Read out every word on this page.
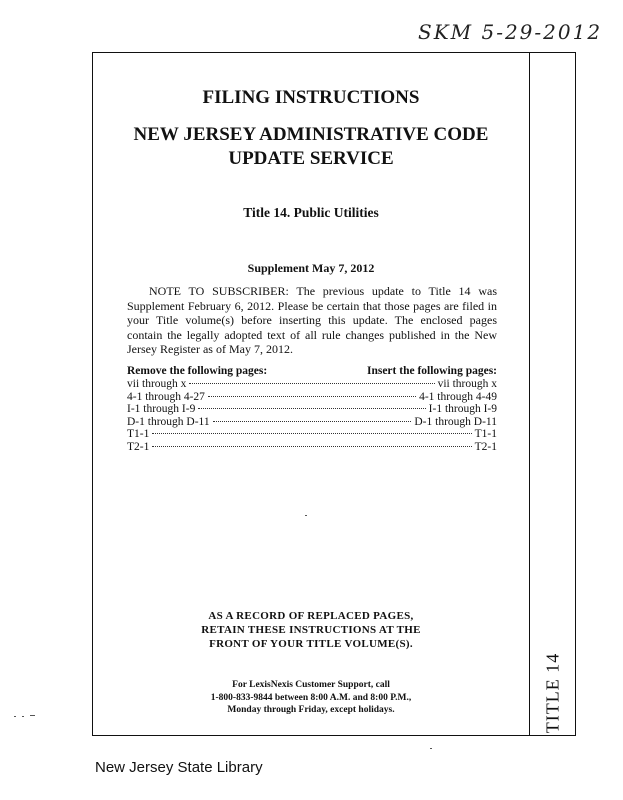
SKM 5-29-2012
FILING INSTRUCTIONS
NEW JERSEY ADMINISTRATIVE CODE
UPDATE SERVICE
Title 14. Public Utilities
Supplement May 7, 2012
NOTE TO SUBSCRIBER: The previous update to Title 14 was Supplement February 6, 2012. Please be certain that those pages are filed in your Title volume(s) before inserting this update. The enclosed pages contain the legally adopted text of all rule changes published in the New Jersey Register as of May 7, 2012.
Remove the following pages:	Insert the following pages:
vii through x	vii through x
4-1 through 4-27	4-1 through 4-49
I-1 through I-9	I-1 through I-9
D-1 through D-11	D-1 through D-11
T1-1	T1-1
T2-1	T2-1
AS A RECORD OF REPLACED PAGES,
RETAIN THESE INSTRUCTIONS AT THE
FRONT OF YOUR TITLE VOLUME(S).
For LexisNexis Customer Support, call
1-800-833-9844 between 8:00 A.M. and 8:00 P.M.,
Monday through Friday, except holidays.	TITLE 14
New Jersey State Library
